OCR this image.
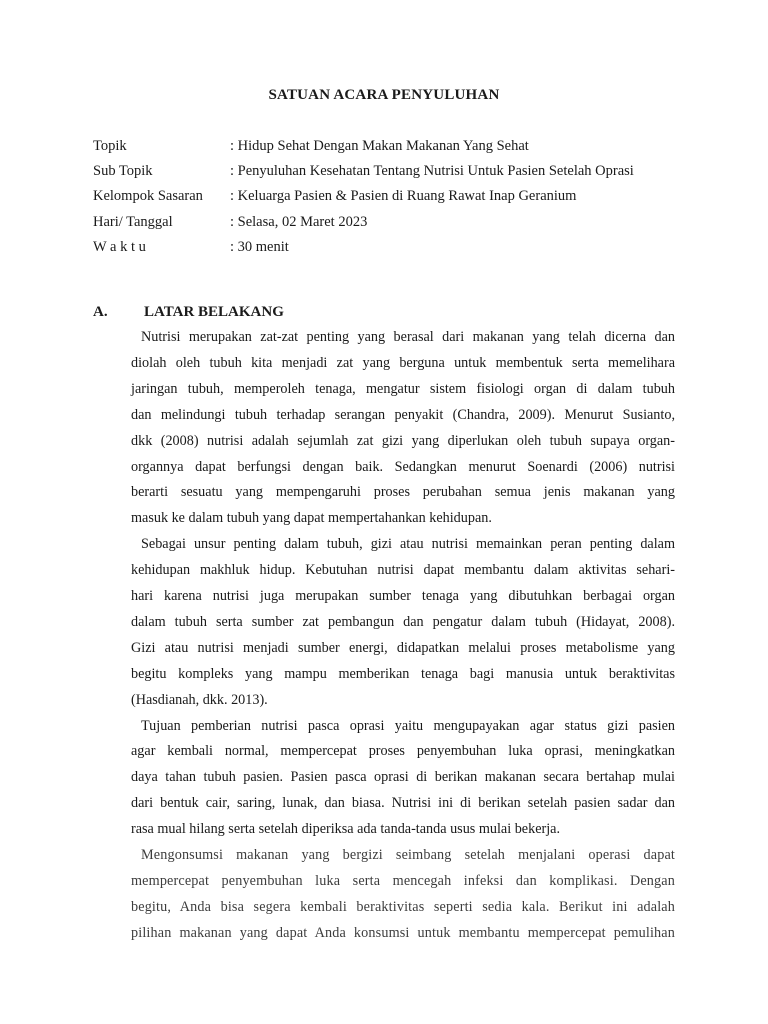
SATUAN ACARA PENYULUHAN
Topik	: Hidup Sehat Dengan Makan Makanan Yang Sehat
Sub Topik	: Penyuluhan Kesehatan Tentang Nutrisi Untuk Pasien Setelah Oprasi
Kelompok Sasaran : Keluarga Pasien & Pasien di Ruang Rawat Inap Geranium
Hari/ Tanggal	: Selasa, 02 Maret 2023
W a k t u	: 30 menit
A. LATAR BELAKANG
Nutrisi merupakan zat-zat penting yang berasal dari makanan yang telah dicerna dan
diolah oleh tubuh kita menjadi zat yang berguna untuk membentuk serta memelihara
jaringan tubuh, memperoleh tenaga, mengatur sistem fisiologi organ di dalam tubuh
dan melindungi tubuh terhadap serangan penyakit (Chandra, 2009). Menurut Susianto,
dkk (2008) nutrisi adalah sejumlah zat gizi yang diperlukan oleh tubuh supaya organ-
organnya dapat berfungsi dengan baik. Sedangkan menurut Soenardi (2006) nutrisi
berarti sesuatu yang mempengaruhi proses perubahan semua jenis makanan yang
masuk ke dalam tubuh yang dapat mempertahankan kehidupan.
Sebagai unsur penting dalam tubuh, gizi atau nutrisi memainkan peran penting dalam
kehidupan makhluk hidup. Kebutuhan nutrisi dapat membantu dalam aktivitas sehari-
hari karena nutrisi juga merupakan sumber tenaga yang dibutuhkan berbagai organ
dalam tubuh serta sumber zat pembangun dan pengatur dalam tubuh (Hidayat, 2008).
Gizi atau nutrisi menjadi sumber energi, didapatkan melalui proses metabolisme yang
begitu kompleks yang mampu memberikan tenaga bagi manusia untuk beraktivitas
(Hasdianah, dkk. 2013).
Tujuan pemberian nutrisi pasca oprasi yaitu mengupayakan agar status gizi pasien
agar kembali normal, mempercepat proses penyembuhan luka oprasi, meningkatkan
daya tahan tubuh pasien. Pasien pasca oprasi di berikan makanan secara bertahap mulai
dari bentuk cair, saring, lunak, dan biasa. Nutrisi ini di berikan setelah pasien sadar dan
rasa mual hilang serta setelah diperiksa ada tanda-tanda usus mulai bekerja.
Mengonsumsi makanan yang bergizi seimbang setelah menjalani operasi dapat
mempercepat penyembuhan luka serta mencegah infeksi dan komplikasi. Dengan
begitu, Anda bisa segera kembali beraktivitas seperti sedia kala. Berikut ini adalah
pilihan makanan yang dapat Anda konsumsi untuk membantu mempercepat pemulihan
